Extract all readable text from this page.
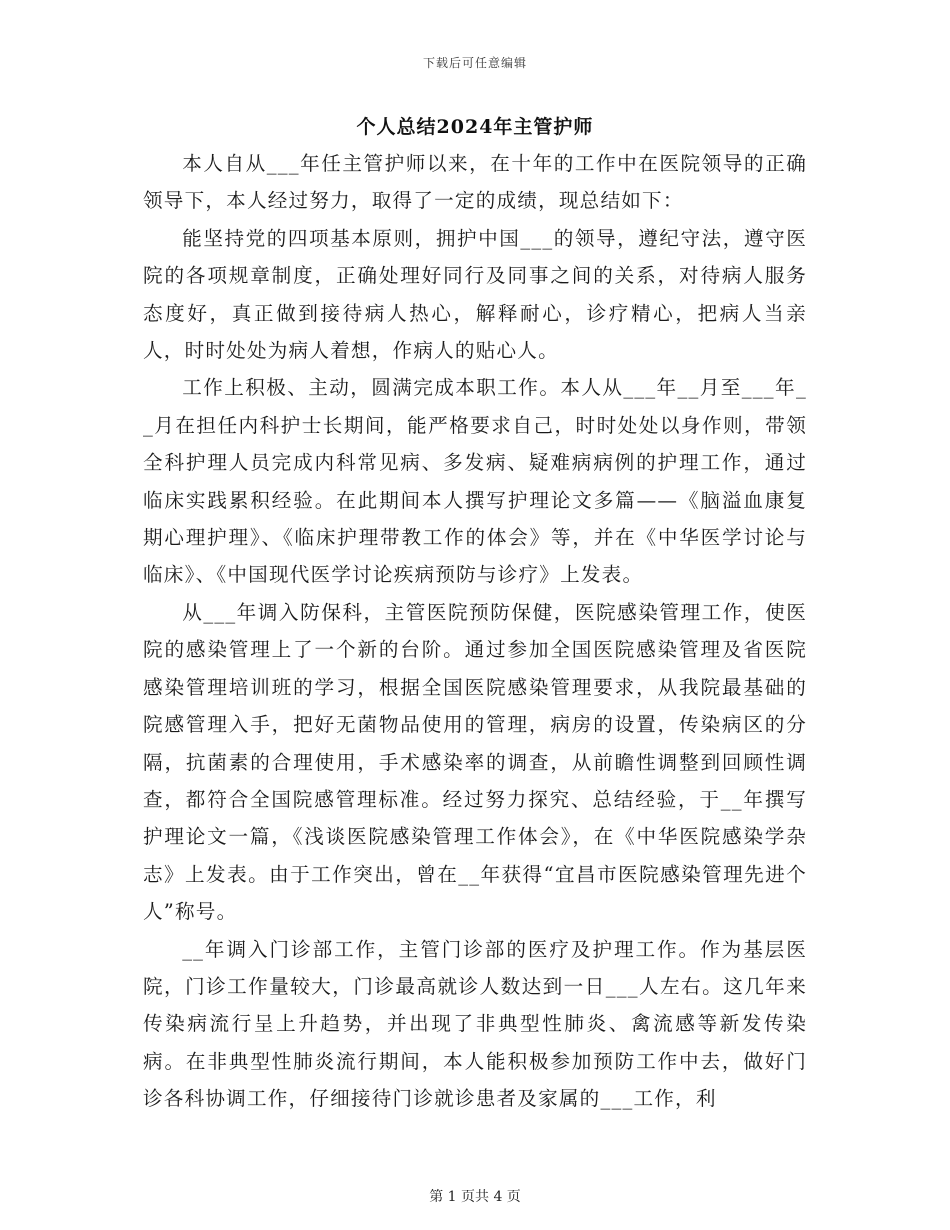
下载后可任意编辑
个人总结2024年主管护师

本人自从___年任主管护师以来，在十年的工作中在医院领导的正确领导下，本人经过努力，取得了一定的成绩，现总结如下：

能坚持党的四项基本原则，拥护中国___的领导，遵纪守法，遵守医院的各项规章制度，正确处理好同行及同事之间的关系，对待病人服务态度好，真正做到接待病人热心，解释耐心，诊疗精心，把病人当亲人，时时处处为病人着想，作病人的贴心人。

工作上积极、主动，圆满完成本职工作。本人从___年__月至___年__月在担任内科护士长期间，能严格要求自己，时时处处以身作则，带领全科护理人员完成内科常见病、多发病、疑难病病例的护理工作，通过临床实践累积经验。在此期间本人撰写护理论文多篇——《脑溢血康复期心理护理》、《临床护理带教工作的体会》等，并在《中华医学讨论与临床》、《中国现代医学讨论疾病预防与诊疗》上发表。

从___年调入防保科，主管医院预防保健，医院感染管理工作，使医院的感染管理上了一个新的台阶。通过参加全国医院感染管理及省医院感染管理培训班的学习，根据全国医院感染管理要求，从我院最基础的院感管理入手，把好无菌物品使用的管理，病房的设置，传染病区的分隔，抗菌素的合理使用，手术感染率的调查，从前瞻性调整到回顾性调查，都符合全国院感管理标准。经过努力探究、总结经验，于__年撰写护理论文一篇，《浅谈医院感染管理工作体会》，在《中华医院感染学杂志》上发表。由于工作突出，曾在__年获得“宜昌市医院感染管理先进个人”称号。

__年调入门诊部工作，主管门诊部的医疗及护理工作。作为基层医院，门诊工作量较大，门诊最高就诊人数达到一日___人左右。这几年来传染病流行呈上升趋势，并出现了非典型性肺炎、禽流感等新发传染病。在非典型性肺炎流行期间，本人能积极参加预防工作中去，做好门诊各科协调工作，仔细接待门诊就诊患者及家属的___工作，利

第 1 页共 4 页
